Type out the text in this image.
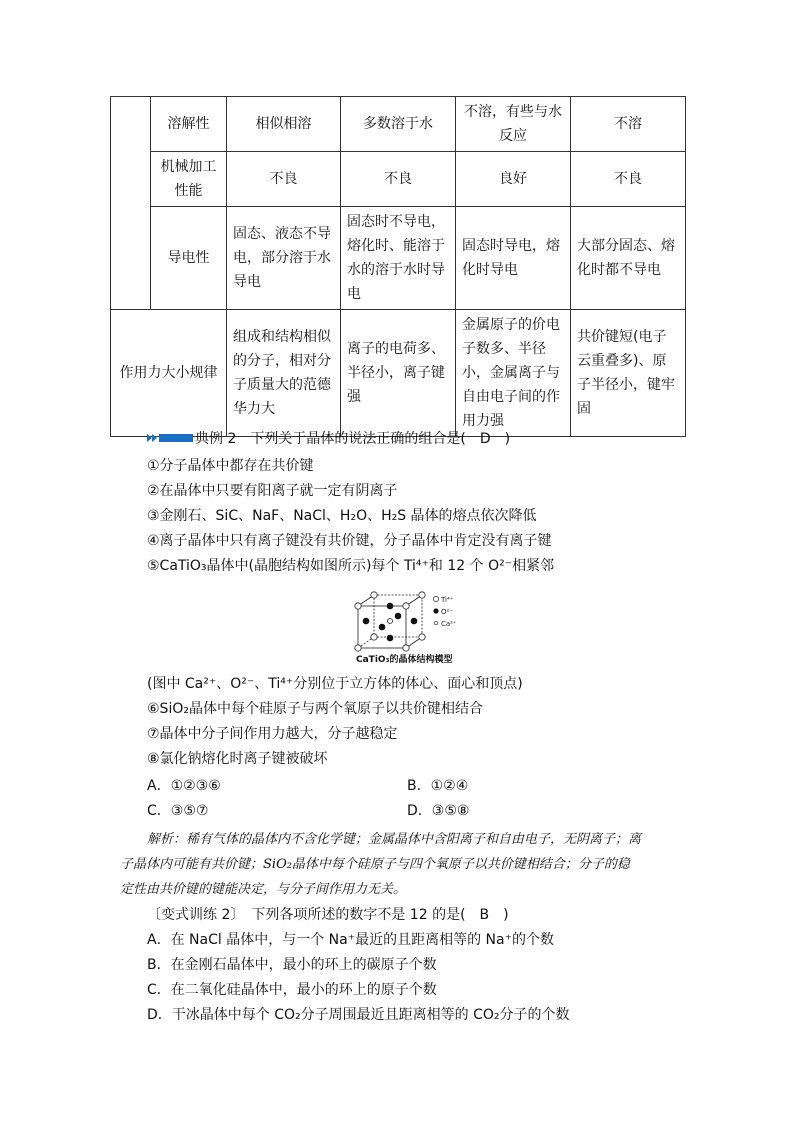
	溶解性	相似相溶	多数溶于水	不溶，有些与水反应	不溶
	机械加工性能	不良	不良	良好	不良
	导电性	固态、液态不导电，部分溶于水导电	固态时不导电，熔化时、能溶于水的溶于水时导电	固态时导电，熔化时导电	大部分固态、熔化时都不导电
作用力大小规律		组成和结构相似的分子，相对分子质量大的范德华力大	离子的电荷多、半径小，离子键强	金属原子的价电子数多、半径小，金属离子与自由电子间的作用力强	共价键短(电子云重叠多)、原子半径小，键牢固
典例 2　下列关于晶体的说法正确的组合是(　D　)
①分子晶体中都存在共价键
②在晶体中只要有阳离子就一定有阴离子
③金刚石、SiC、NaF、NaCl、H₂O、H₂S 晶体的熔点依次降低
④离子晶体中只有离子键没有共价键，分子晶体中肯定没有离子键
⑤CaTiO₃晶体中(晶胞结构如图所示)每个 Ti⁴⁺和 12 个 O²⁻相紧邻
(图中 Ca²⁺、O²⁻、Ti⁴⁺分别位于立方体的体心、面心和顶点)
⑥SiO₂晶体中每个硅原子与两个氧原子以共价键相结合
⑦晶体中分子间作用力越大，分子越稳定
⑧氯化钠熔化时离子键被破坏
A．①②③⑥	B．①②④
C．③⑤⑦	D．③⑤⑧
Ti⁴⁺
O²⁻
Ca²⁺
CaTiO₃的晶体结构模型
解析：稀有气体的晶体内不含化学键；金属晶体中含阳离子和自由电子，无阴离子；离
子晶体内可能有共价键；SiO₂晶体中每个硅原子与四个氧原子以共价键相结合；分子的稳
定性由共价键的键能决定，与分子间作用力无关。
〔变式训练 2〕　下列各项所述的数字不是 12 的是(　B　)
A．在 NaCl 晶体中，与一个 Na⁺最近的且距离相等的 Na⁺的个数
B．在金刚石晶体中，最小的环上的碳原子个数
C．在二氧化硅晶体中，最小的环上的原子个数
D．干冰晶体中每个 CO₂分子周围最近且距离相等的 CO₂分子的个数
